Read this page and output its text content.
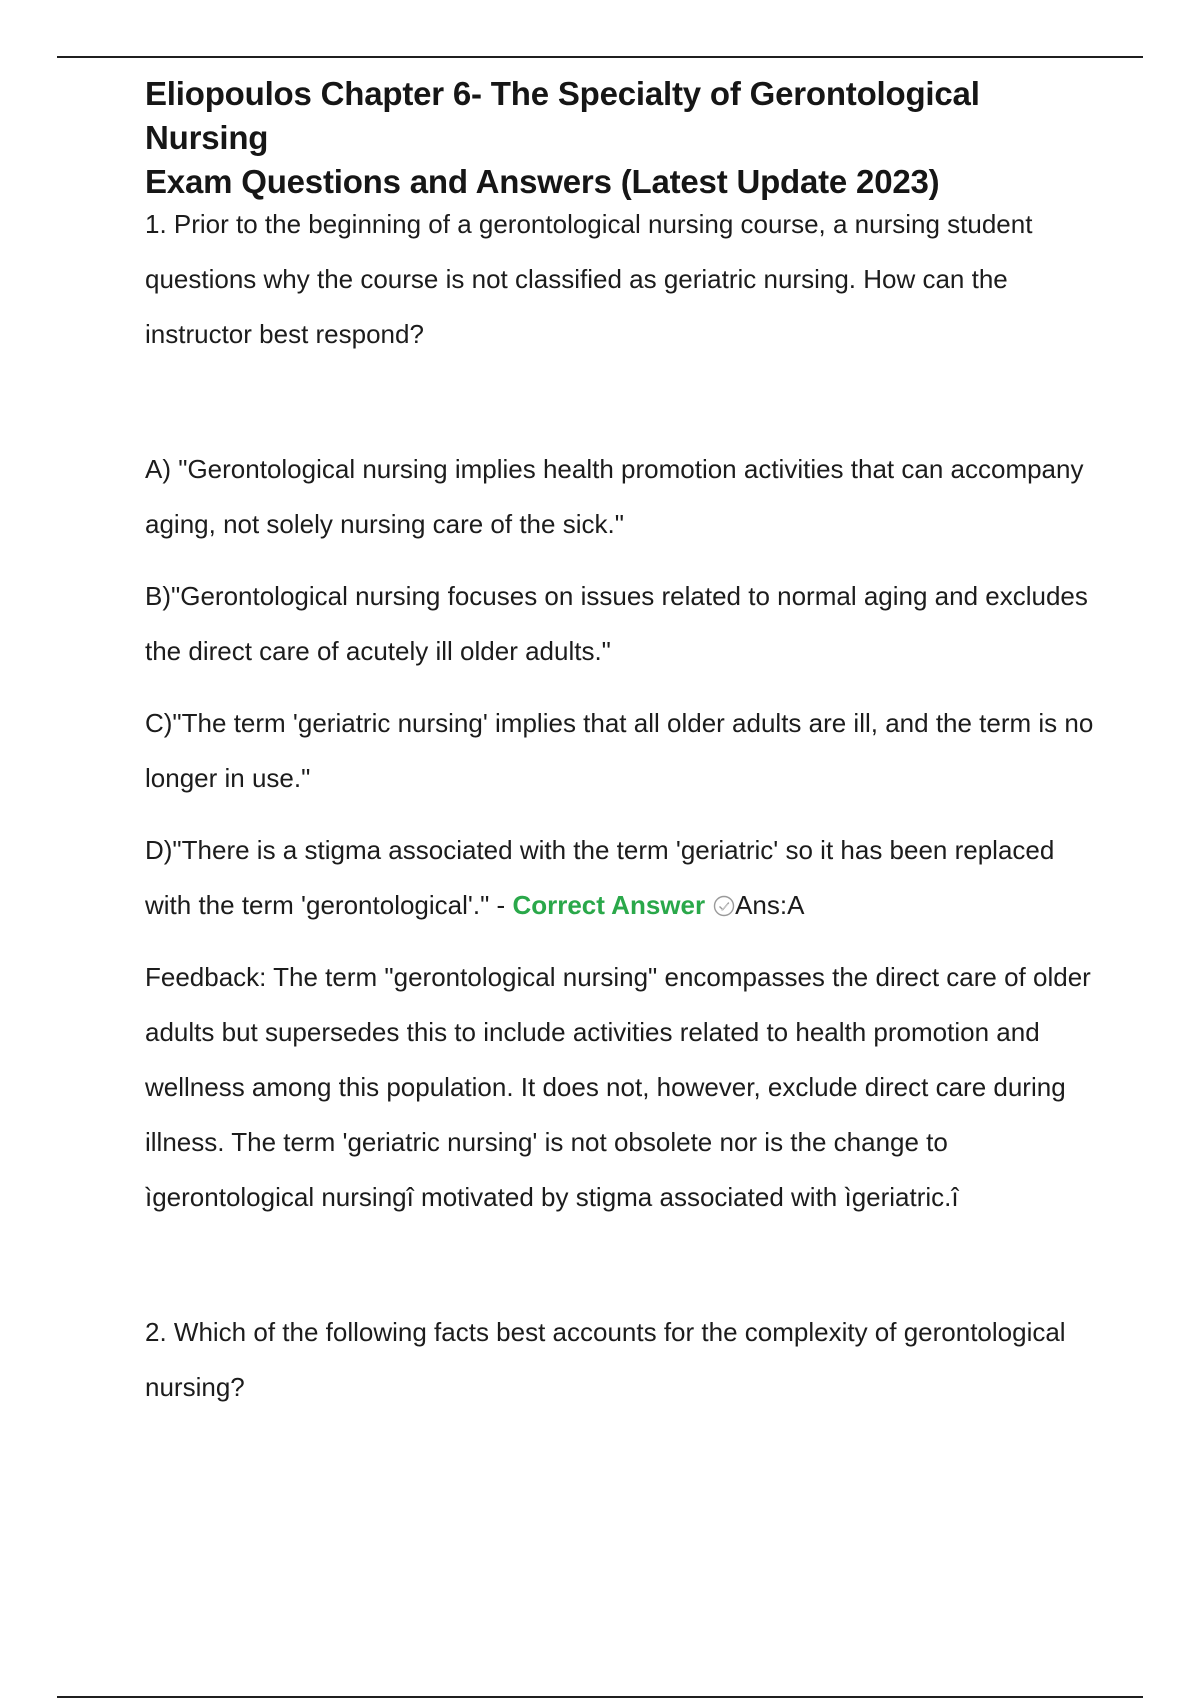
Eliopoulos Chapter 6- The Specialty of Gerontological Nursing
Exam Questions and Answers (Latest Update 2023)

1. Prior to the beginning of a gerontological nursing course, a nursing student questions why the course is not classified as geriatric nursing. How can the instructor best respond?

A) "Gerontological nursing implies health promotion activities that can accompany aging, not solely nursing care of the sick."

B)"Gerontological nursing focuses on issues related to normal aging and excludes the direct care of acutely ill older adults."

C)"The term 'geriatric nursing' implies that all older adults are ill, and the term is no longer in use."

D)"There is a stigma associated with the term 'geriatric' so it has been replaced with the term 'gerontological'." - Correct Answer Ans:A

Feedback: The term "gerontological nursing" encompasses the direct care of older adults but supersedes this to include activities related to health promotion and wellness among this population. It does not, however, exclude direct care during illness. The term 'geriatric nursing' is not obsolete nor is the change to ìgerontological nursingî motivated by stigma associated with ìgeriatric.î

2. Which of the following facts best accounts for the complexity of gerontological nursing?
